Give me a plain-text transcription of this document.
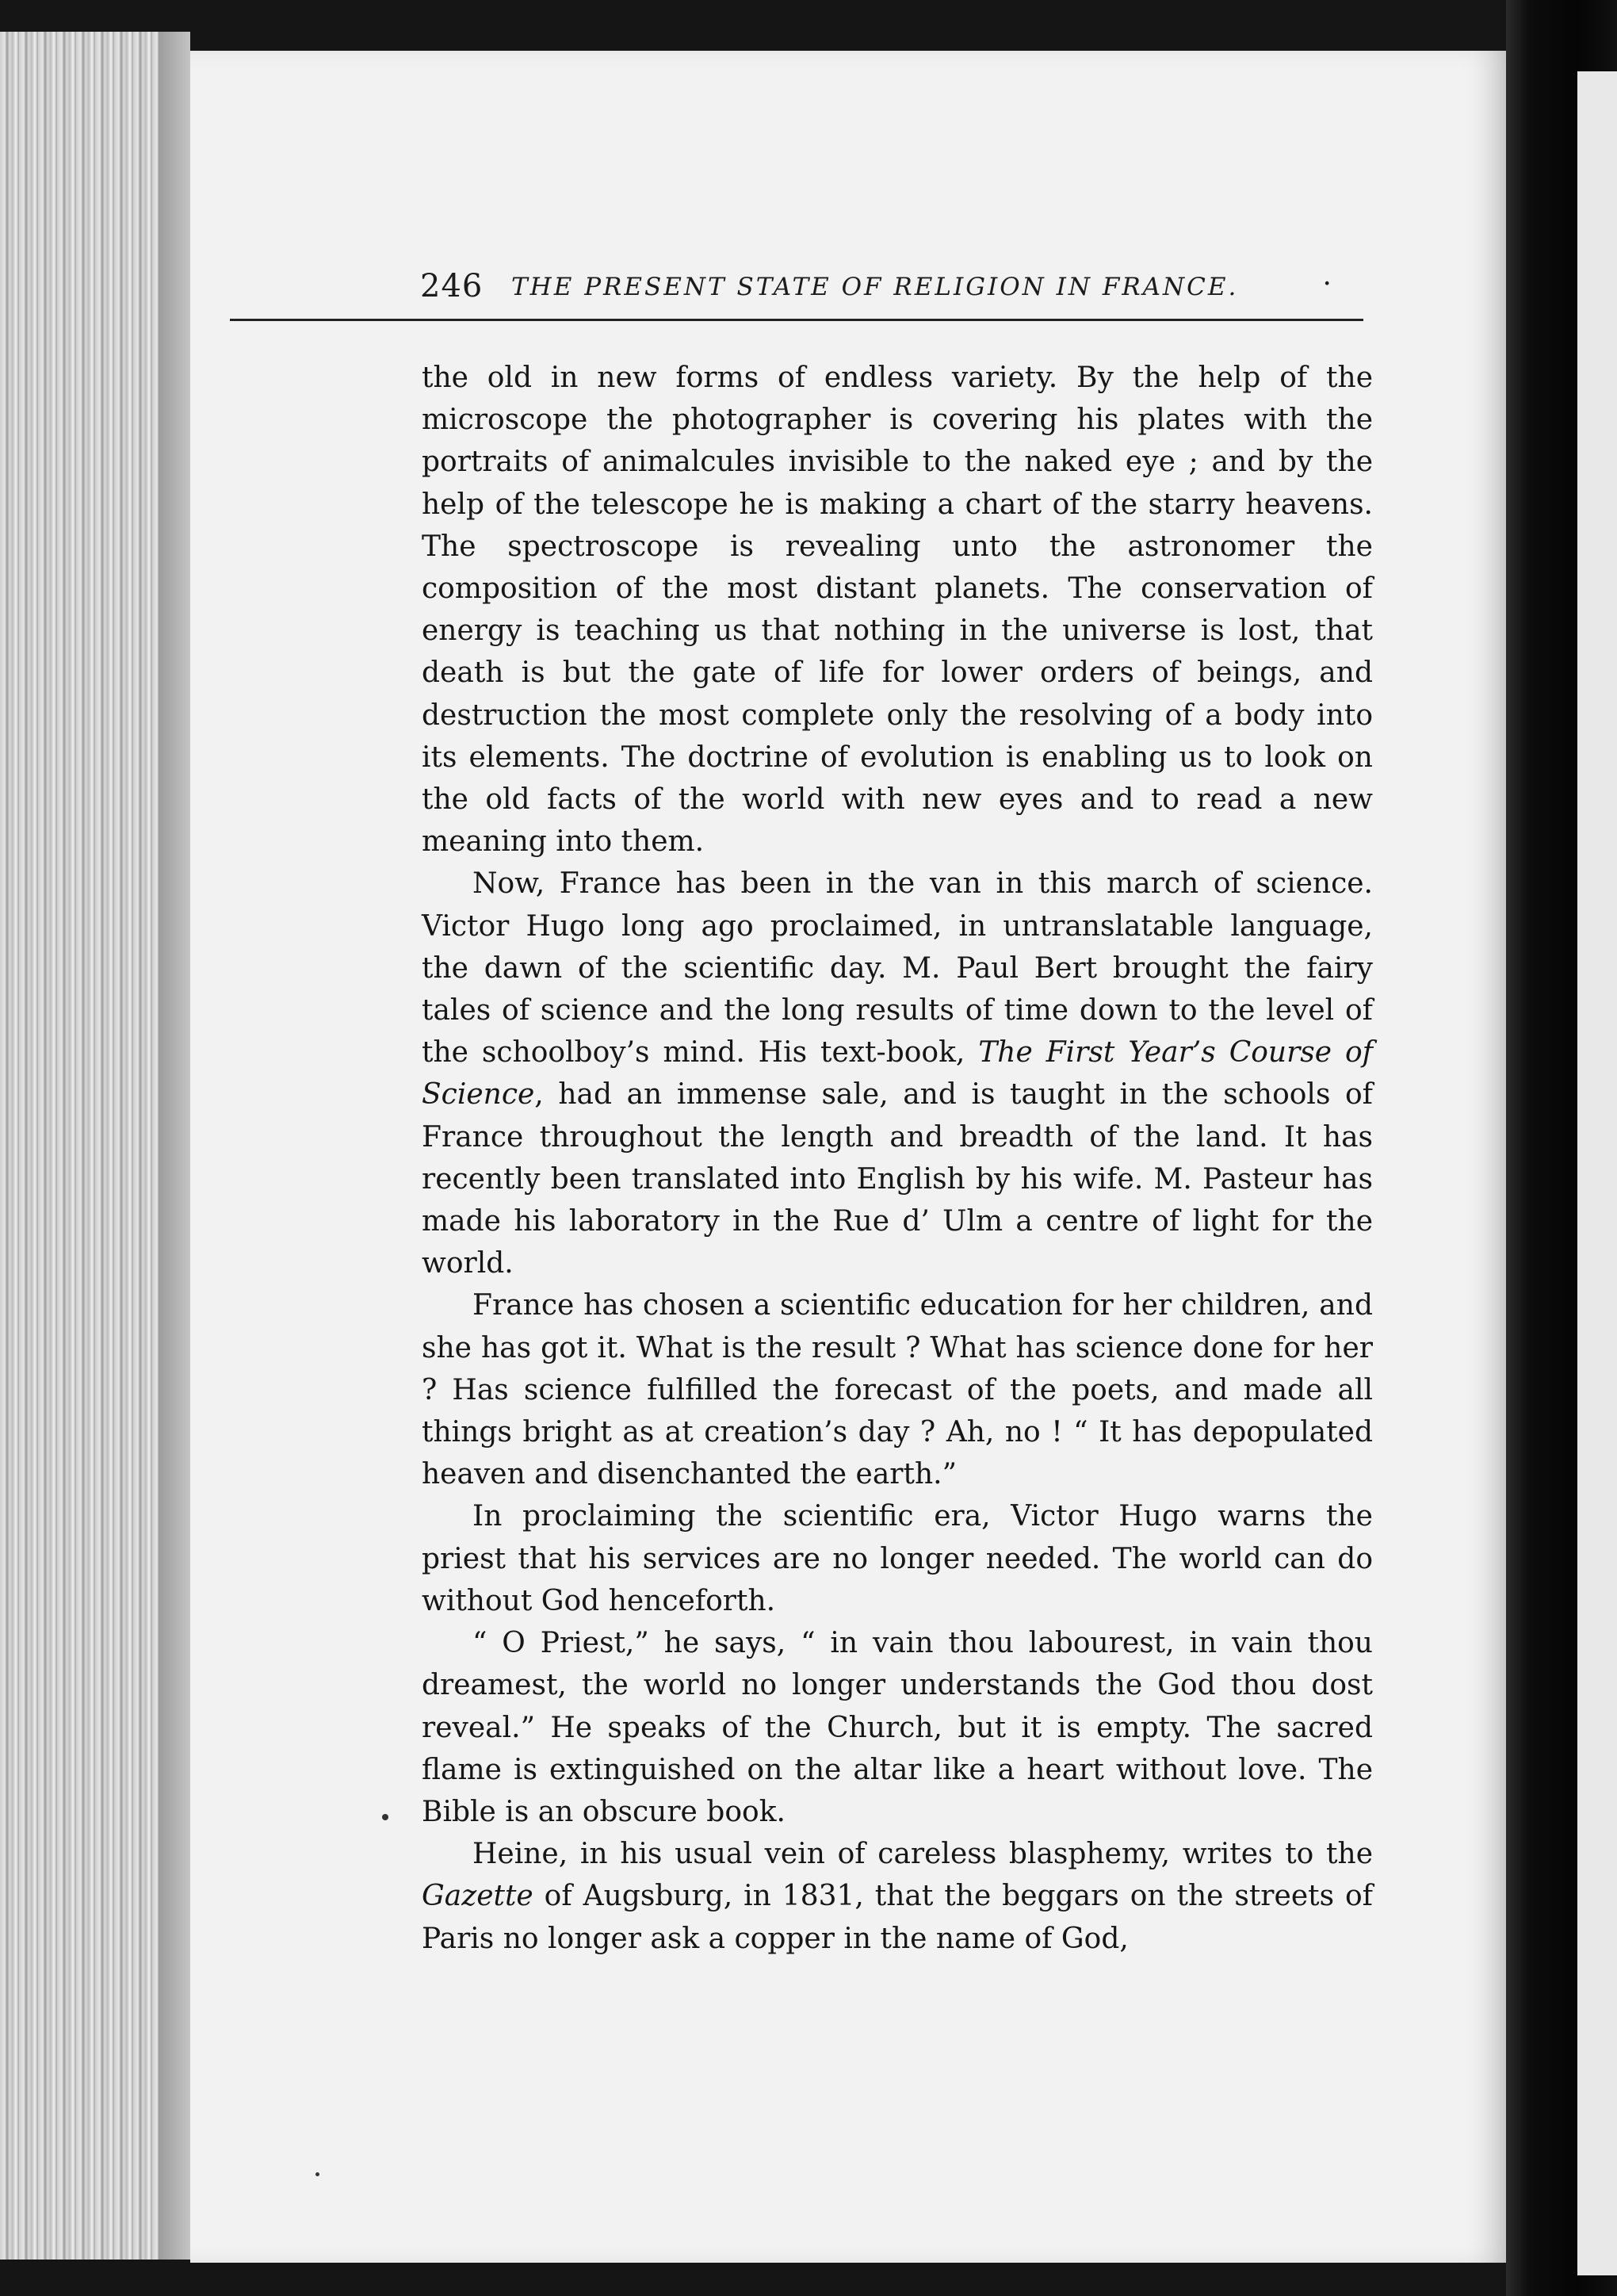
246	THE PRESENT STATE OF RELIGION IN FRANCE.	·

the old in new forms of endless variety. By the help of the microscope the photographer is covering his plates with the portraits of animalcules invisible to the naked eye ; and by the help of the telescope he is making a chart of the starry heavens. The spectroscope is revealing unto the astronomer the composition of the most distant planets. The conservation of energy is teaching us that nothing in the universe is lost, that death is but the gate of life for lower orders of beings, and destruction the most complete only the resolving of a body into its elements. The doctrine of evolution is enabling us to look on the old facts of the world with new eyes and to read a new meaning into them.

Now, France has been in the van in this march of science. Victor Hugo long ago proclaimed, in untranslatable language, the dawn of the scientific day. M. Paul Bert brought the fairy tales of science and the long results of time down to the level of the schoolboy’s mind. His text-book, The First Year’s Course of Science, had an immense sale, and is taught in the schools of France throughout the length and breadth of the land. It has recently been translated into English by his wife. M. Pasteur has made his laboratory in the Rue d’ Ulm a centre of light for the world.

France has chosen a scientific education for her children, and she has got it. What is the result ? What has science done for her ? Has science fulfilled the forecast of the poets, and made all things bright as at creation’s day ? Ah, no ! “ It has depopulated heaven and disenchanted the earth.”

In proclaiming the scientific era, Victor Hugo warns the priest that his services are no longer needed. The world can do without God henceforth.

“ O Priest,” he says, “ in vain thou labourest, in vain thou dreamest, the world no longer understands the God thou dost reveal.” He speaks of the Church, but it is empty. The sacred flame is extinguished on the altar like a heart without love. The Bible is an obscure book.

Heine, in his usual vein of careless blasphemy, writes to the Gazette of Augsburg, in 1831, that the beggars on the streets of Paris no longer ask a copper in the name of God,
